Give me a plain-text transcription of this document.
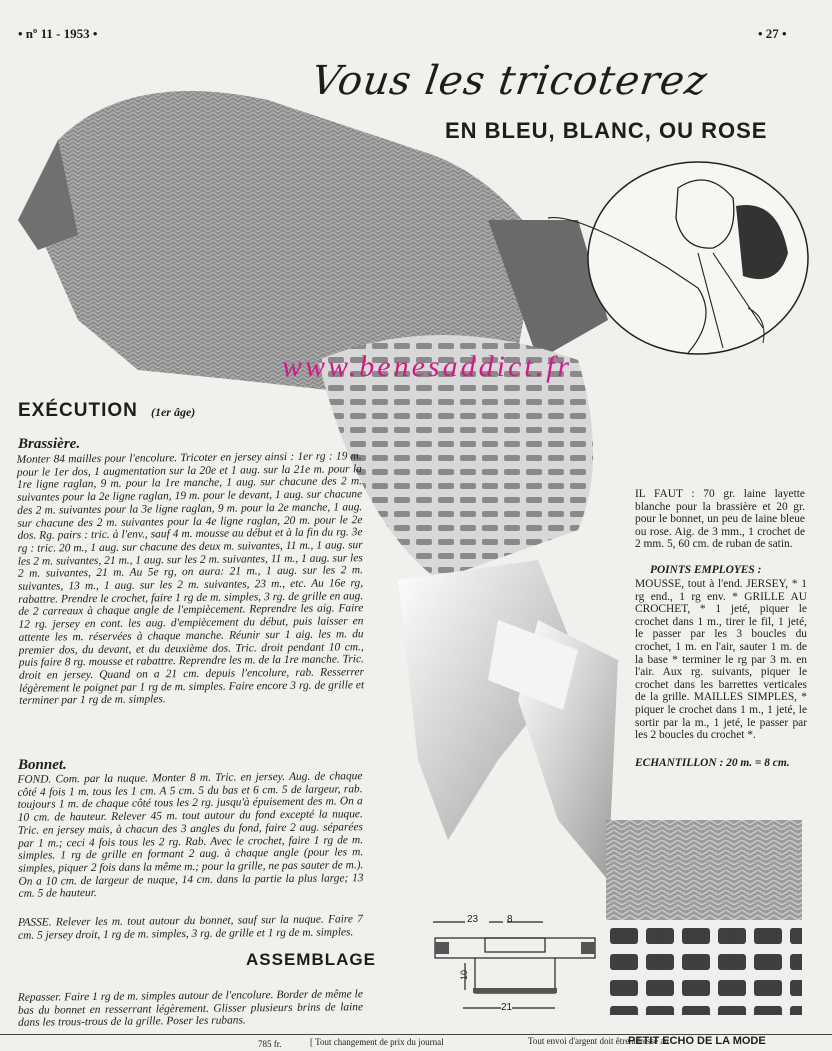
• nº 11 - 1953 •	• 27 •
Vous les tricoterez
EN BLEU, BLANC, OU ROSE
www.benesaddict.fr
EXÉCUTION (1er âge)
Brassière.
Monter 84 mailles pour l'encolure. Tricoter en jersey ainsi : 1er rg : 19 m. pour le 1er dos, 1 augmentation sur la 20e et 1 aug. sur la 21e m. pour la 1re ligne raglan, 9 m. pour la 1re manche, 1 aug. sur chacune des 2 m. suivantes pour la 2e ligne raglan, 19 m. pour le devant, 1 aug. sur chacune des 2 m. suivantes pour la 3e ligne raglan, 9 m. pour la 2e manche, 1 aug. sur chacune des 2 m. suivantes pour la 4e ligne raglan, 20 m. pour le 2e dos. Rg. pairs : tric. à l'env., sauf 4 m. mousse au début et à la fin du rg. 3e rg : tric. 20 m., 1 aug. sur chacune des deux m. suivantes, 11 m., 1 aug. sur les 2 m. suivantes, 21 m., 1 aug. sur les 2 m. suivantes, 11 m., 1 aug. sur les 2 m. suivantes, 21 m. Au 5e rg, on aura: 21 m., 1 aug. sur les 2 m. suivantes, 13 m., 1 aug. sur les 2 m. suivantes, 23 m., etc. Au 16e rg, rabattre. Prendre le crochet, faire 1 rg de m. simples, 3 rg. de grille en aug. de 2 carreaux à chaque angle de l'empiècement. Reprendre les aig. Faire 12 rg. jersey en cont. les aug. d'empiècement du début, puis laisser en attente les m. réservées à chaque manche. Réunir sur 1 aig. les m. du premier dos, du devant, et du deuxième dos. Tric. droit pendant 10 cm., puis faire 8 rg. mousse et rabattre. Reprendre les m. de la 1re manche. Tric. droit en jersey. Quand on a 21 cm. depuis l'encolure, rab. Resserrer légèrement le poignet par 1 rg de m. simples. Faire encore 3 rg. de grille et terminer par 1 rg de m. simples.
Bonnet.
FOND. Com. par la nuque. Monter 8 m. Tric. en jersey. Aug. de chaque côté 4 fois 1 m. tous les 1 cm. A 5 cm. 5 du bas et 6 cm. 5 de largeur, rab. toujours 1 m. de chaque côté tous les 2 rg. jusqu'à épuisement des m. On a 10 cm. de hauteur. Relever 45 m. tout autour du fond excepté la nuque. Tric. en jersey mais, à chacun des 3 angles du fond, faire 2 aug. séparées par 1 m.; ceci 4 fois tous les 2 rg. Rab. Avec le crochet, faire 1 rg de m. simples. 1 rg de grille en formant 2 aug. à chaque angle (pour les m. simples, piquer 2 fois dans la même m.; pour la grille, ne pas sauter de m.). On a 10 cm. de largeur de nuque, 14 cm. dans la partie la plus large; 13 cm. 5 de hauteur.
PASSE. Relever les m. tout autour du bonnet, sauf sur la nuque. Faire 7 cm. 5 jersey droit, 1 rg de m. simples, 3 rg. de grille et 1 rg de m. simples.
ASSEMBLAGE
Repasser. Faire 1 rg de m. simples autour de l'encolure. Border de même le bas du bonnet en resserrant légèrement. Glisser plusieurs brins de laine dans les trous-trous de la grille. Poser les rubans.
IL FAUT : 70 gr. laine layette blanche pour la brassière et 20 gr. pour le bonnet, un peu de laine bleue ou rose. Aig. de 3 mm., 1 crochet de 2 mm. 5, 60 cm. de ruban de satin.
POINTS EMPLOYES :
MOUSSE, tout à l'end. JERSEY, * 1 rg end., 1 rg env. * GRILLE AU CROCHET, * 1 jeté, piquer le crochet dans 1 m., tirer le fil, 1 jeté, le passer par les 3 boucles du crochet, 1 m. en l'air, sauter 1 m. de la base * terminer le rg par 3 m. en l'air. Aux rg. suivants, piquer le crochet dans les barrettes verticales de la grille. MAILLES SIMPLES, * piquer le crochet dans 1 m., 1 jeté, le sortir par la m., 1 jeté, le passer par les 2 boucles du crochet *.
ECHANTILLON : 20 m. = 8 cm.
23	8
21
10
785 fr.	[ Tout changement de prix du journal	Tout envoi d'argent doit être adressé au
PETIT ECHO DE LA MODE
